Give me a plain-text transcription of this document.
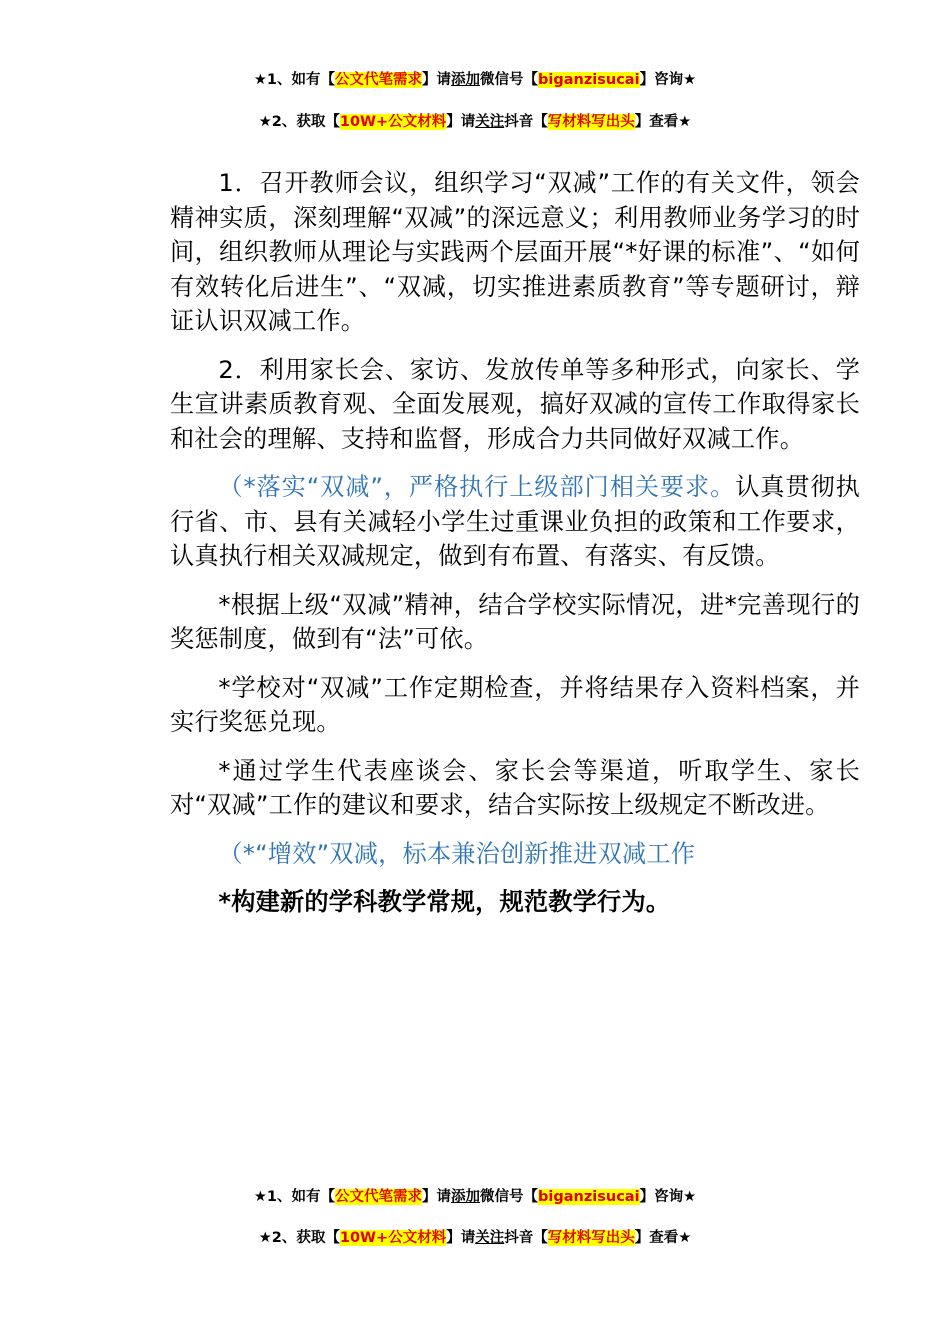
★1、如有【公文代笔需求】请添加微信号【biganzisucai】咨询★
★2、获取【10W+公文材料】请关注抖音【写材料写出头】查看★

1．召开教师会议，组织学习“双减”工作的有关文件，领会精神实质，深刻理解“双减”的深远意义；利用教师业务学习的时间，组织教师从理论与实践两个层面开展“*好课的标准”、“如何有效转化后进生”、“双减，切实推进素质教育”等专题研讨，辩证认识双减工作。

2．利用家长会、家访、发放传单等多种形式，向家长、学生宣讲素质教育观、全面发展观，搞好双减的宣传工作取得家长和社会的理解、支持和监督，形成合力共同做好双减工作。

（*落实“双减”，严格执行上级部门相关要求。认真贯彻执行省、市、县有关减轻小学生过重课业负担的政策和工作要求，认真执行相关双减规定，做到有布置、有落实、有反馈。

*根据上级“双减”精神，结合学校实际情况，进*完善现行的奖惩制度，做到有“法”可依。

*学校对“双减”工作定期检查，并将结果存入资料档案，并实行奖惩兑现。

*通过学生代表座谈会、家长会等渠道，听取学生、家长对“双减”工作的建议和要求，结合实际按上级规定不断改进。

（*“增效”双减，标本兼治创新推进双减工作

*构建新的学科教学常规，规范教学行为。

★1、如有【公文代笔需求】请添加微信号【biganzisucai】咨询★
★2、获取【10W+公文材料】请关注抖音【写材料写出头】查看★
